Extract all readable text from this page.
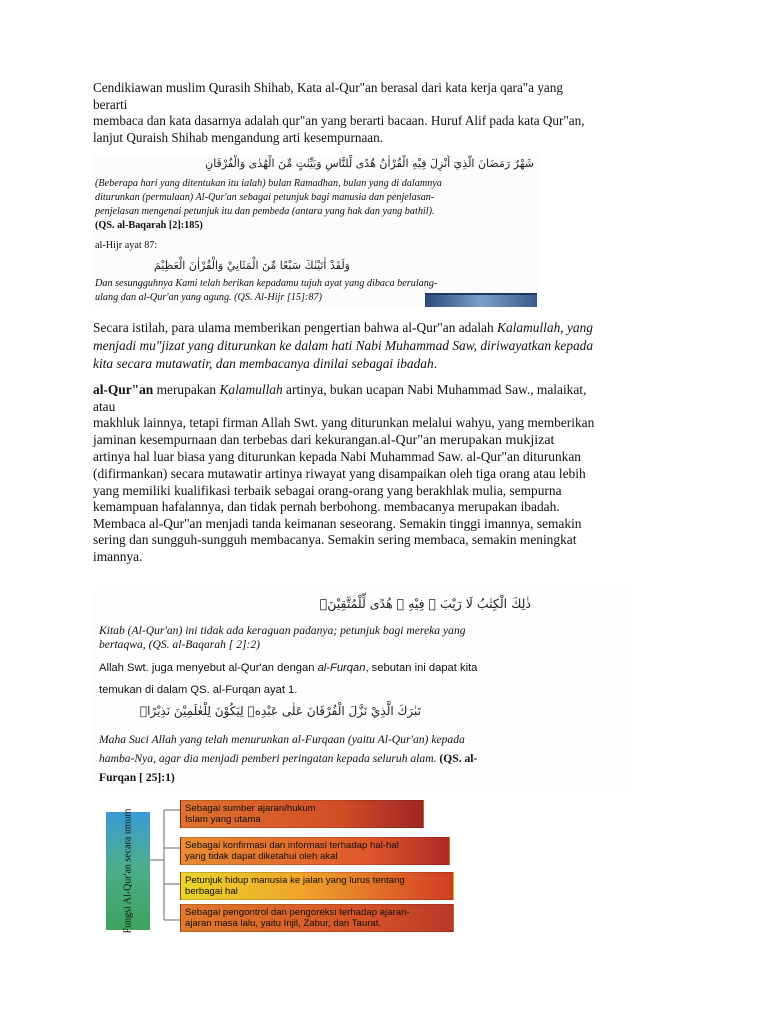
Cendikiawan muslim Qurasih Shihab, Kata al-Qur"an berasal dari kata kerja qara"a yang
berarti
membaca dan kata dasarnya adalah qur"an yang berarti bacaan. Huruf Alif pada kata Qur"an,
lanjut Quraish Shihab mengandung arti kesempurnaan.
شَهْرُ رَمَضَانَ الَّذِيٓ أُنْزِلَ فِيْهِ الْقُرْاٰنُ هُدًى لِّلنَّاسِ وَبَيِّنٰتٍ مِّنَ الْهُدٰى وَالْفُرْقَانِ
(Beberapa hari yang ditentukan itu ialah) bulan Ramadhan, bulan yang di dalamnya
diturunkan (permulaan) Al-Qur'an sebagai petunjuk bagi manusia dan penjelasan-
penjelasan mengenai petunjuk itu dan pembeda (antara yang hak dan yang bathil).
(QS. al-Baqarah [2]:185)
al-Hijr ayat 87:
وَلَقَدْ اٰتَيْنٰكَ سَبْعًا مِّنَ الْمَثَانِيْ وَالْقُرْاٰنَ الْعَظِيْمَ
Dan sesungguhnya Kami telah berikan kepadamu tujuh ayat yang dibaca berulang-
ulang dan al-Qur'an yang agung. (QS. Al-Hijr [15]:87)
Secara istilah, para ulama memberikan pengertian bahwa al-Qur"an adalah Kalamullah, yang
menjadi mu"jizat yang diturunkan ke dalam hati Nabi Muhammad Saw, diriwayatkan kepada
kita secara mutawatir, dan membacanya dinilai sebagai ibadah.
al-Qur"an merupakan Kalamullah artinya, bukan ucapan Nabi Muhammad Saw., malaikat,
atau
makhluk lainnya, tetapi firman Allah Swt. yang diturunkan melalui wahyu, yang memberikan
jaminan kesempurnaan dan terbebas dari kekurangan.al-Qur"an merupakan mukjizat
artinya hal luar biasa yang diturunkan kepada Nabi Muhammad Saw. al-Qur"an diturunkan
(difirmankan) secara mutawatir artinya riwayat yang disampaikan oleh tiga orang atau lebih
yang memiliki kualifikasi terbaik sebagai orang-orang yang berakhlak mulia, sempurna
kemampuan hafalannya, dan tidak pernah berbohong. membacanya merupakan ibadah.
Membaca al-Qur"an menjadi tanda keimanan seseorang. Semakin tinggi imannya, semakin
sering dan sungguh-sungguh membacanya. Semakin sering membaca, semakin meningkat
imannya.
ذٰلِكَ الْكِتٰبُ لَا رَيْبَ ۛ فِيْهِ ۛ هُدًى لِّلْمُتَّقِيْنَۙ
Kitab (Al-Qur'an) ini tidak ada keraguan padanya; petunjuk bagi mereka yang
bertaqwa, (QS. al-Baqarah [ 2]:2)
Allah Swt. juga menyebut al-Qur'an dengan al-Furqan, sebutan ini dapat kita
temukan di dalam QS. al-Furqan ayat 1.
تَبٰرَكَ الَّذِيْ نَزَّلَ الْفُرْقَانَ عَلٰى عَبْدِهٖ لِيَكُوْنَ لِلْعٰلَمِيْنَ نَذِيْرًاۙ
Maha Suci Allah yang telah menurunkan al-Furqaan (yaitu Al-Qur'an) kepada
hamba-Nya, agar dia menjadi pemberi peringatan kepada seluruh alam. (QS. al-
Furqan [ 25]:1)
Fungsi Al-Qur'an secara umum
Sebagai sumber ajaran/hukum
Islam yang utama
Sebagai konfirmasi dan informasi terhadap hal-hal
yang tidak dapat diketahui oleh akal
Petunjuk hidup manusia ke jalan yang lurus tentang
berbagai hal
Sebagai pengontrol dan pengoreksi terhadap ajaran-
ajaran masa lalu, yaitu Injil, Zabur, dan Taurat.
